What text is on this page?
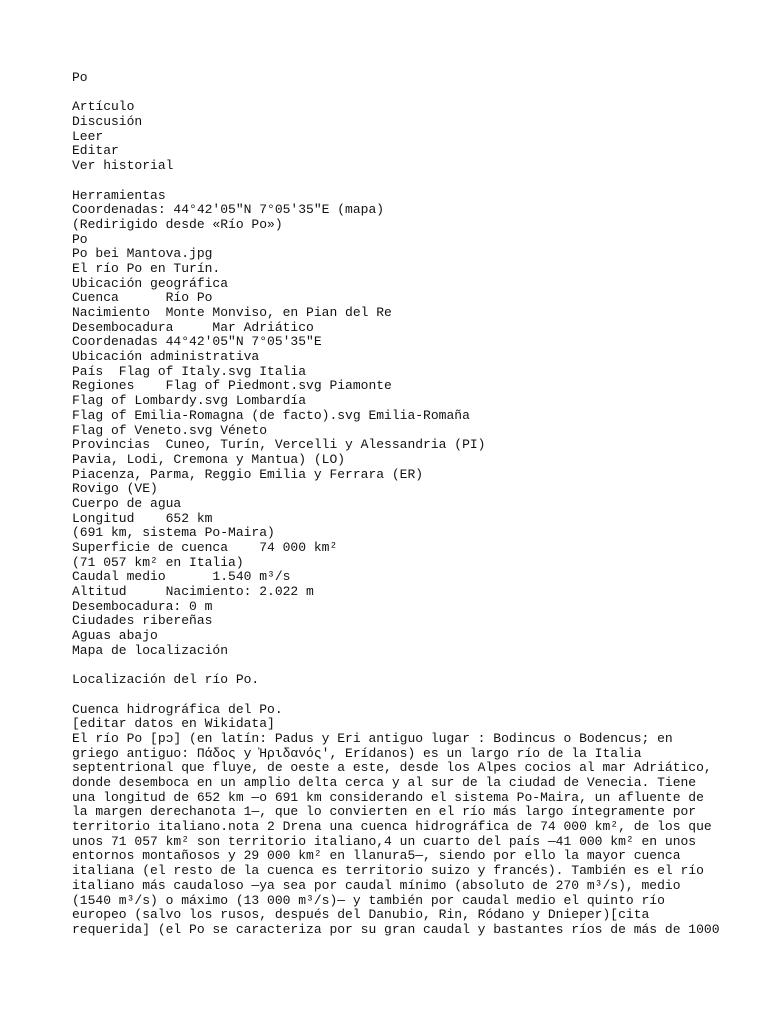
Po
Artículo
Discusión
Leer
Editar
Ver historial
Herramientas
Coordenadas: 44°42'05"N 7°05'35"E (mapa)
(Redirigido desde «Río Po»)
Po
Po bei Mantova.jpg
El río Po en Turín.
Ubicación geográfica
Cuenca      Río Po
Nacimiento  Monte Monviso, en Pian del Re
Desembocadura     Mar Adriático
Coordenadas 44°42'05"N 7°05'35"E
Ubicación administrativa
País  Flag of Italy.svg Italia
Regiones    Flag of Piedmont.svg Piamonte
Flag of Lombardy.svg Lombardía
Flag of Emilia-Romagna (de facto).svg Emilia-Romaña
Flag of Veneto.svg Véneto
Provincias  Cuneo, Turín, Vercelli y Alessandria (PI)
Pavia, Lodi, Cremona y Mantua) (LO)
Piacenza, Parma, Reggio Emilia y Ferrara (ER)
Rovigo (VE)
Cuerpo de agua
Longitud    652 km
(691 km, sistema Po-Maira)
Superficie de cuenca    74 000 km²
(71 057 km² en Italia)
Caudal medio      1.540 m³/s
Altitud     Nacimiento: 2.022 m
Desembocadura: 0 m
Ciudades ribereñas
Aguas abajo
Mapa de localización
Localización del río Po.
Cuenca hidrográfica del Po.
[editar datos en Wikidata]
El río Po [pɔ] (en latín: Padus y Eri antiguo lugar : Bodincus o Bodencus; en
griego antiguo: Πάδος y Ἠριδανός', Erídanos) es un largo río de la Italia
septentrional que fluye, de oeste a este, desde los Alpes cocios al mar Adriático,
donde desemboca en un amplio delta cerca y al sur de la ciudad de Venecia. Tiene
una longitud de 652 km —o 691 km considerando el sistema Po-Maira, un afluente de
la margen derechanota 1—, que lo convierten en el río más largo íntegramente por
territorio italiano.nota 2 Drena una cuenca hidrográfica de 74 000 km², de los que
unos 71 057 km² son territorio italiano,4 un cuarto del país —41 000 km² en unos
entornos montañosos y 29 000 km² en llanura5—, siendo por ello la mayor cuenca
italiana (el resto de la cuenca es territorio suizo y francés). También es el río
italiano más caudaloso —ya sea por caudal mínimo (absoluto de 270 m³/s), medio
(1540 m³/s) o máximo (13 000 m³/s)— y también por caudal medio el quinto río
europeo (salvo los rusos, después del Danubio, Rin, Ródano y Dnieper)[cita
requerida] (el Po se caracteriza por su gran caudal y bastantes ríos de más de 1000
